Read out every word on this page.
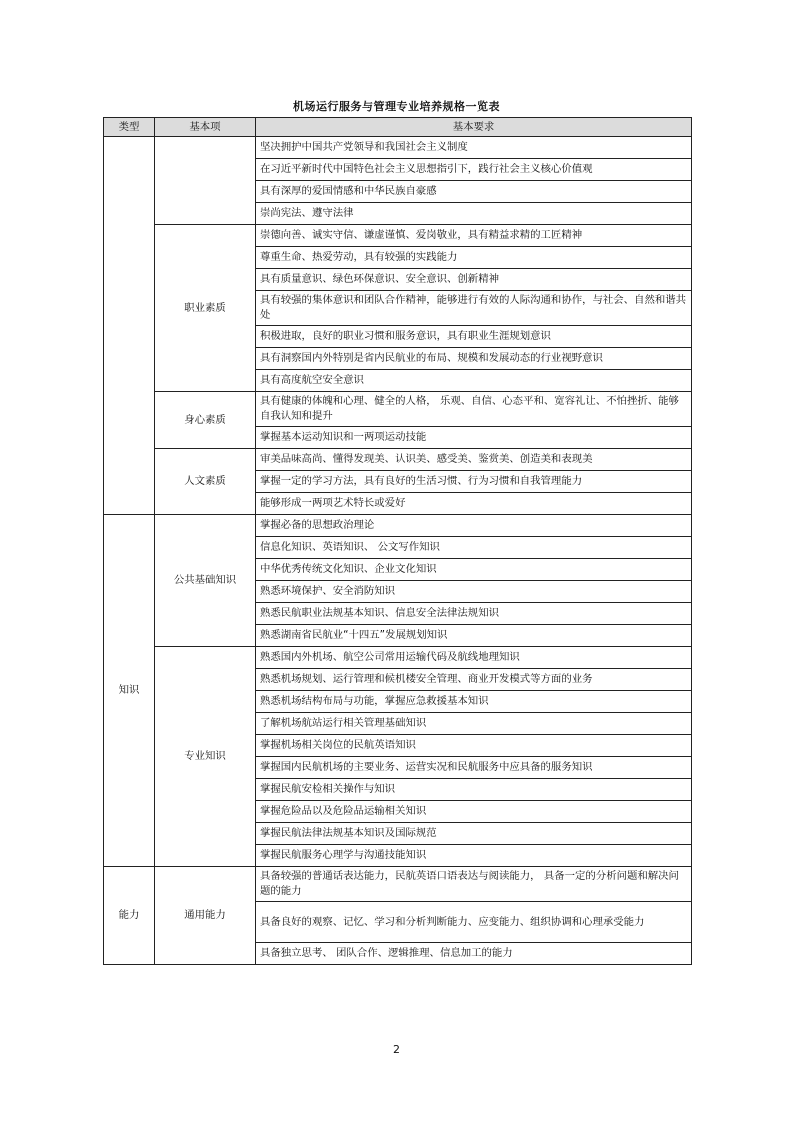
机场运行服务与管理专业培养规格一览表
类型	基本项	基本要求
		坚决拥护中国共产党领导和我国社会主义制度
		在习近平新时代中国特色社会主义思想指引下，践行社会主义核心价值观
		具有深厚的爱国情感和中华民族自豪感
		崇尚宪法、遵守法律
	职业素质	崇德向善、诚实守信、谦虚谨慎、爱岗敬业，具有精益求精的工匠精神
		尊重生命、热爱劳动，具有较强的实践能力
		具有质量意识、绿色环保意识、安全意识、创新精神
		具有较强的集体意识和团队合作精神，能够进行有效的人际沟通和协作，与社会、自然和谐共处
		积极进取，良好的职业习惯和服务意识，具有职业生涯规划意识
		具有洞察国内外特别是省内民航业的布局、规模和发展动态的行业视野意识
		具有高度航空安全意识
	身心素质	具有健康的体魄和心理、健全的人格， 乐观、自信、心态平和、宽容礼让、不怕挫折、能够自我认知和提升
		掌握基本运动知识和一两项运动技能
	人文素质	审美品味高尚、懂得发现美、认识美、感受美、鉴赏美、创造美和表现美
		掌握一定的学习方法，具有良好的生活习惯、行为习惯和自我管理能力
		能够形成一两项艺术特长或爱好
知识	公共基础知识	掌握必备的思想政治理论
		信息化知识、英语知识、 公文写作知识
		中华优秀传统文化知识、企业文化知识
		熟悉环境保护、安全消防知识
		熟悉民航职业法规基本知识、信息安全法律法规知识
		熟悉湖南省民航业“十四五”发展规划知识
	专业知识	熟悉国内外机场、航空公司常用运输代码及航线地理知识
		熟悉机场规划、运行管理和候机楼安全管理、商业开发模式等方面的业务
		熟悉机场结构布局与功能，掌握应急救援基本知识
		了解机场航站运行相关管理基础知识
		掌握机场相关岗位的民航英语知识
		掌握国内民航机场的主要业务、运营实况和民航服务中应具备的服务知识
		掌握民航安检相关操作与知识
		掌握危险品以及危险品运输相关知识
		掌握民航法律法规基本知识及国际规范
		掌握民航服务心理学与沟通技能知识
能力	通用能力	具备较强的普通话表达能力，民航英语口语表达与阅读能力， 具备一定的分析问题和解决问题的能力
		具备良好的观察、记忆、学习和分析判断能力、应变能力、组织协调和心理承受能力
		具备独立思考、 团队合作、逻辑推理、信息加工的能力
2
